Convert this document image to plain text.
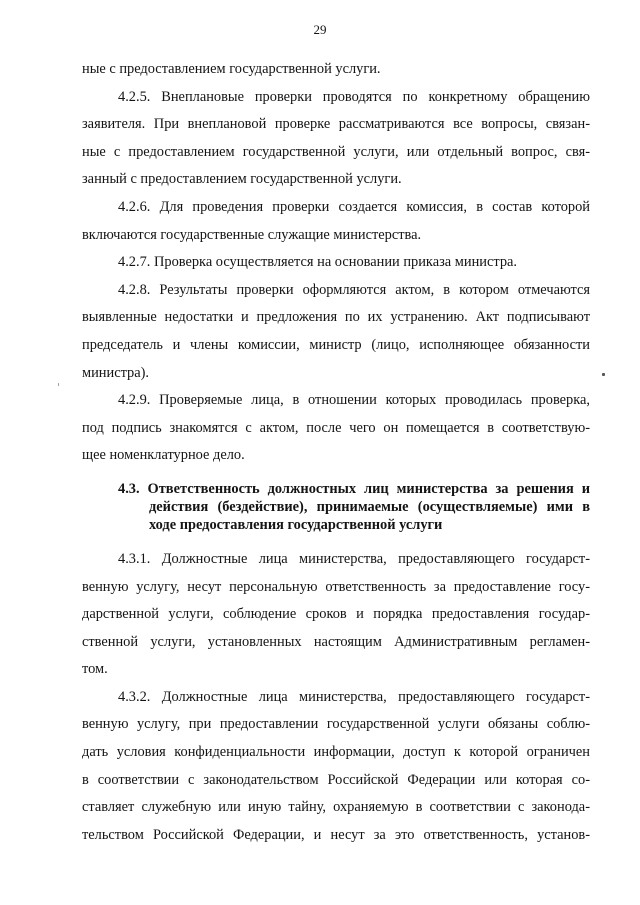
29
ные с предоставлением государственной услуги.
4.2.5. Внеплановые проверки проводятся по конкретному обращению
заявителя. При внеплановой проверке рассматриваются все вопросы, связан-
ные с предоставлением государственной услуги, или отдельный вопрос, свя-
занный с предоставлением государственной услуги.
4.2.6. Для проведения проверки создается комиссия, в состав которой
включаются государственные служащие министерства.
4.2.7. Проверка осуществляется на основании приказа министра.
4.2.8. Результаты проверки оформляются актом, в котором отмечаются
выявленные недостатки и предложения по их устранению. Акт подписывают
председатель и члены комиссии, министр (лицо, исполняющее обязанности
министра).
4.2.9. Проверяемые лица, в отношении которых проводилась проверка,
под подпись знакомятся с актом, после чего он помещается в соответствую-
щее номенклатурное дело.
4.3. Ответственность должностных лиц министерства за решения и
действия (бездействие), принимаемые (осуществляемые) ими в
ходе предоставления государственной услуги
4.3.1. Должностные лица министерства, предоставляющего государст-
венную услугу, несут персональную ответственность за предоставление госу-
дарственной услуги, соблюдение сроков и порядка предоставления государ-
ственной услуги, установленных настоящим Административным регламен-
том.
4.3.2. Должностные лица министерства, предоставляющего государст-
венную услугу, при предоставлении государственной услуги обязаны соблю-
дать условия конфиденциальности информации, доступ к которой ограничен
в соответствии с законодательством Российской Федерации или которая со-
ставляет служебную или иную тайну, охраняемую в соответствии с законода-
тельством Российской Федерации, и несут за это ответственность, установ-
